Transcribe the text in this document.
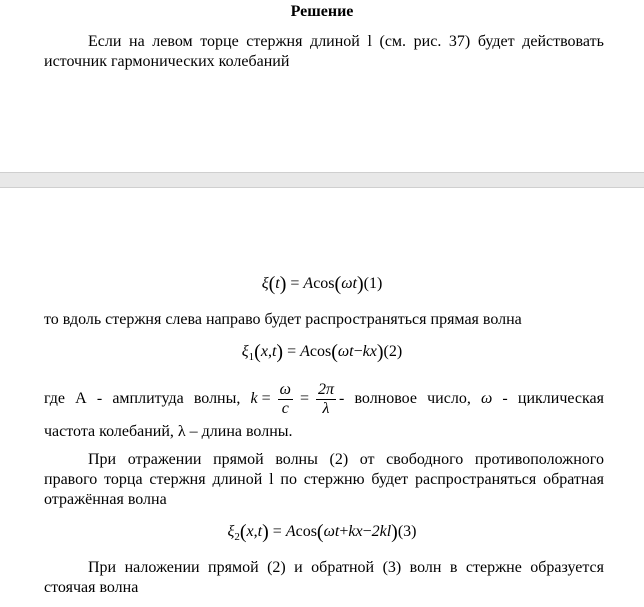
Решение
Если на левом торце стержня длиной l (см. рис. 37) будет действовать
источник гармонических колебаний
ξ(t) = Acos(ωt)(1)
то вдоль стержня слева направо будет распространяться прямая волна
$\xi_1(x,t) = Acos(\omega t-kx)(2)$
где А - амплитуда волны, $k = \frac{\omega}{c} = \frac{2\pi}{\lambda}$ - волновое число, ω - циклическая
частота колебаний, λ – длина волны.
При отражении прямой волны (2) от свободного противоположного
правого торца стержня длиной l по стержню будет распространяться обратная
отражённая волна
$\xi_2(x,t) = Acos(\omega t+kx-2kl)(3)$
При наложении прямой (2) и обратной (3) волн в стержне образуется
стоячая волна
